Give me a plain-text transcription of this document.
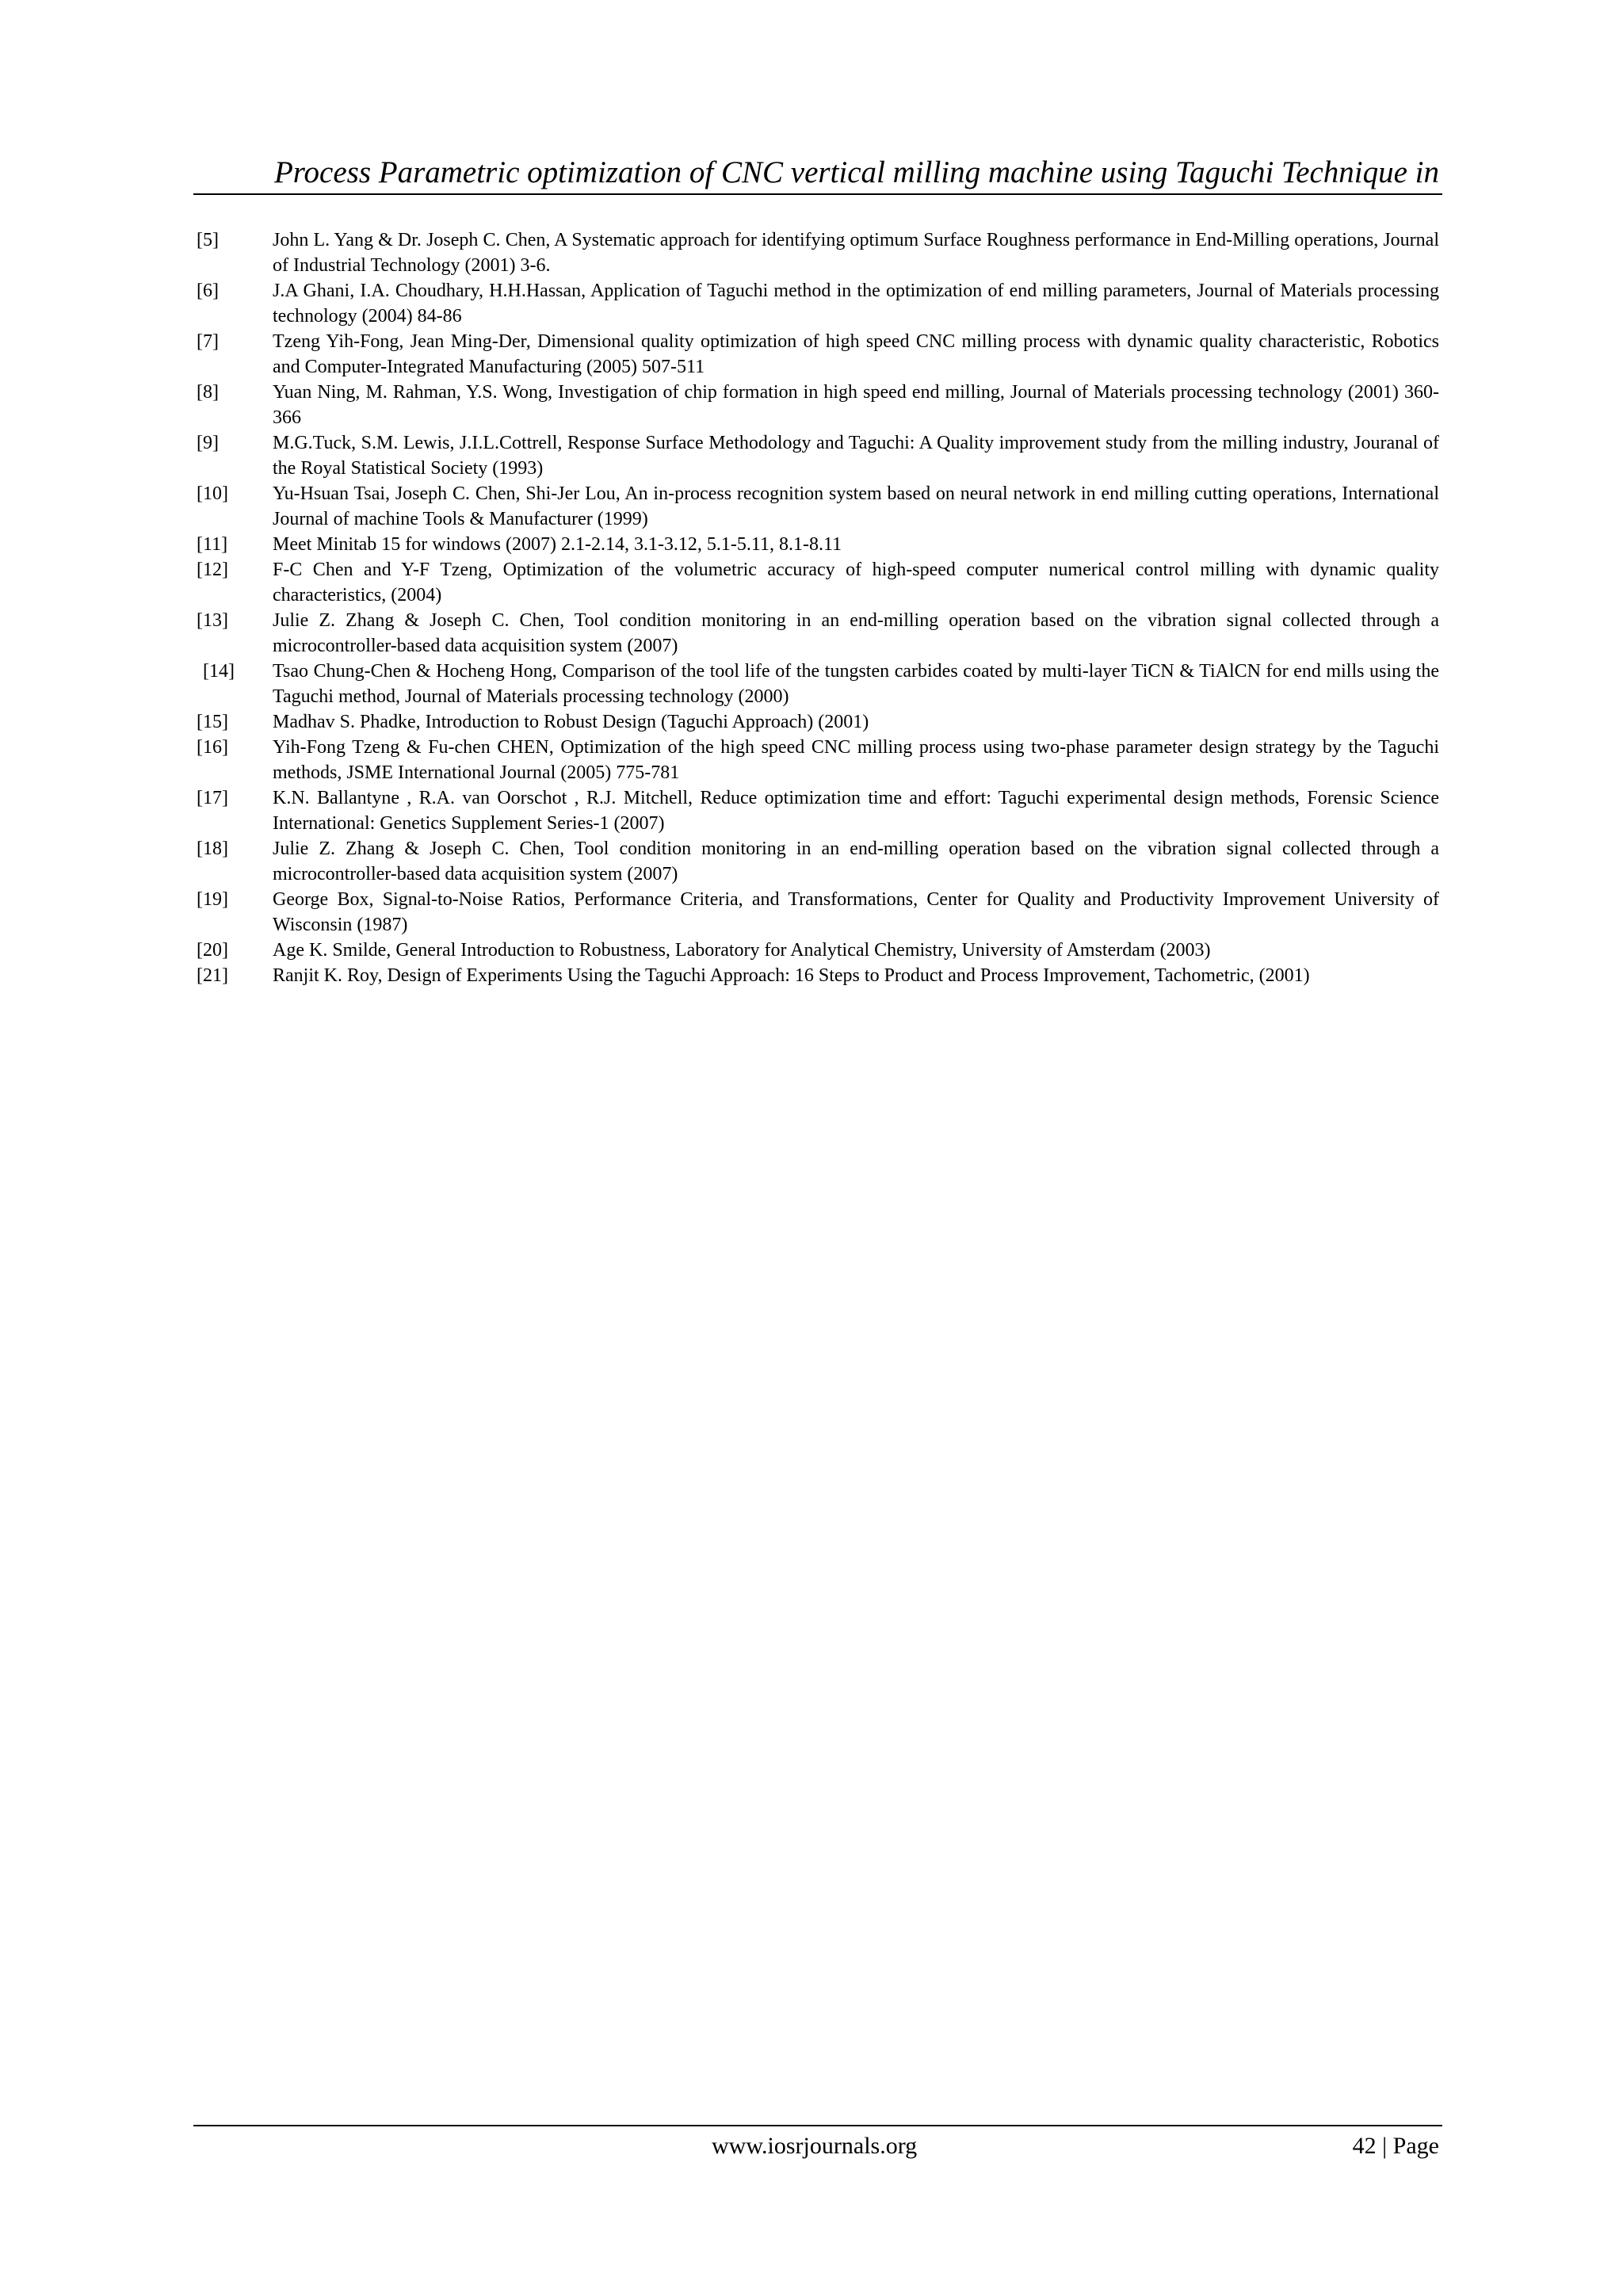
Process Parametric optimization of CNC vertical milling machine using Taguchi Technique in
[5]	John L. Yang & Dr. Joseph C. Chen, A Systematic approach for identifying optimum Surface Roughness performance in End-Milling operations, Journal of Industrial Technology (2001) 3-6.
[6]	J.A Ghani, I.A. Choudhary, H.H.Hassan, Application of Taguchi method in the optimization of end milling parameters, Journal of Materials processing technology (2004) 84-86
[7]	Tzeng Yih-Fong, Jean Ming-Der, Dimensional quality optimization of high speed CNC milling process with dynamic quality characteristic, Robotics and Computer-Integrated Manufacturing (2005) 507-511
[8]	Yuan Ning, M. Rahman, Y.S. Wong, Investigation of chip formation in high speed end milling, Journal of Materials processing technology (2001) 360-366
[9]	M.G.Tuck, S.M. Lewis, J.I.L.Cottrell, Response Surface Methodology and Taguchi: A Quality improvement study from the milling industry, Jouranal of the Royal Statistical Society (1993)
[10]	Yu-Hsuan Tsai, Joseph C. Chen, Shi-Jer Lou, An in-process recognition system based on neural network in end milling cutting operations, International Journal of machine Tools & Manufacturer (1999)
[11]	Meet Minitab 15 for windows (2007) 2.1-2.14, 3.1-3.12, 5.1-5.11, 8.1-8.11
[12]	F-C Chen and Y-F Tzeng, Optimization of the volumetric accuracy of high-speed computer numerical control milling with dynamic quality characteristics, (2004)
[13]	Julie Z. Zhang & Joseph C. Chen, Tool condition monitoring in an end-milling operation based on the vibration signal collected through a microcontroller-based data acquisition system (2007)
[14]	Tsao Chung-Chen & Hocheng Hong, Comparison of the tool life of the tungsten carbides coated by multi-layer TiCN & TiAlCN for end mills using the Taguchi method, Journal of Materials processing technology (2000)
[15]	Madhav S. Phadke, Introduction to Robust Design (Taguchi Approach) (2001)
[16]	Yih-Fong Tzeng & Fu-chen CHEN, Optimization of the high speed CNC milling process using two-phase parameter design strategy by the Taguchi methods, JSME International Journal (2005) 775-781
[17]	K.N. Ballantyne , R.A. van Oorschot , R.J. Mitchell, Reduce optimization time and effort: Taguchi experimental design methods, Forensic Science International: Genetics Supplement Series-1 (2007)
[18]	Julie Z. Zhang & Joseph C. Chen, Tool condition monitoring in an end-milling operation based on the vibration signal collected through a microcontroller-based data acquisition system (2007)
[19]	George Box, Signal-to-Noise Ratios, Performance Criteria, and Transformations, Center for Quality and Productivity Improvement University of Wisconsin (1987)
[20]	Age K. Smilde, General Introduction to Robustness, Laboratory for Analytical Chemistry, University of Amsterdam (2003)
[21]	Ranjit K. Roy, Design of Experiments Using the Taguchi Approach: 16 Steps to Product and Process Improvement, Tachometric, (2001)
www.iosrjournals.org	42 | Page
